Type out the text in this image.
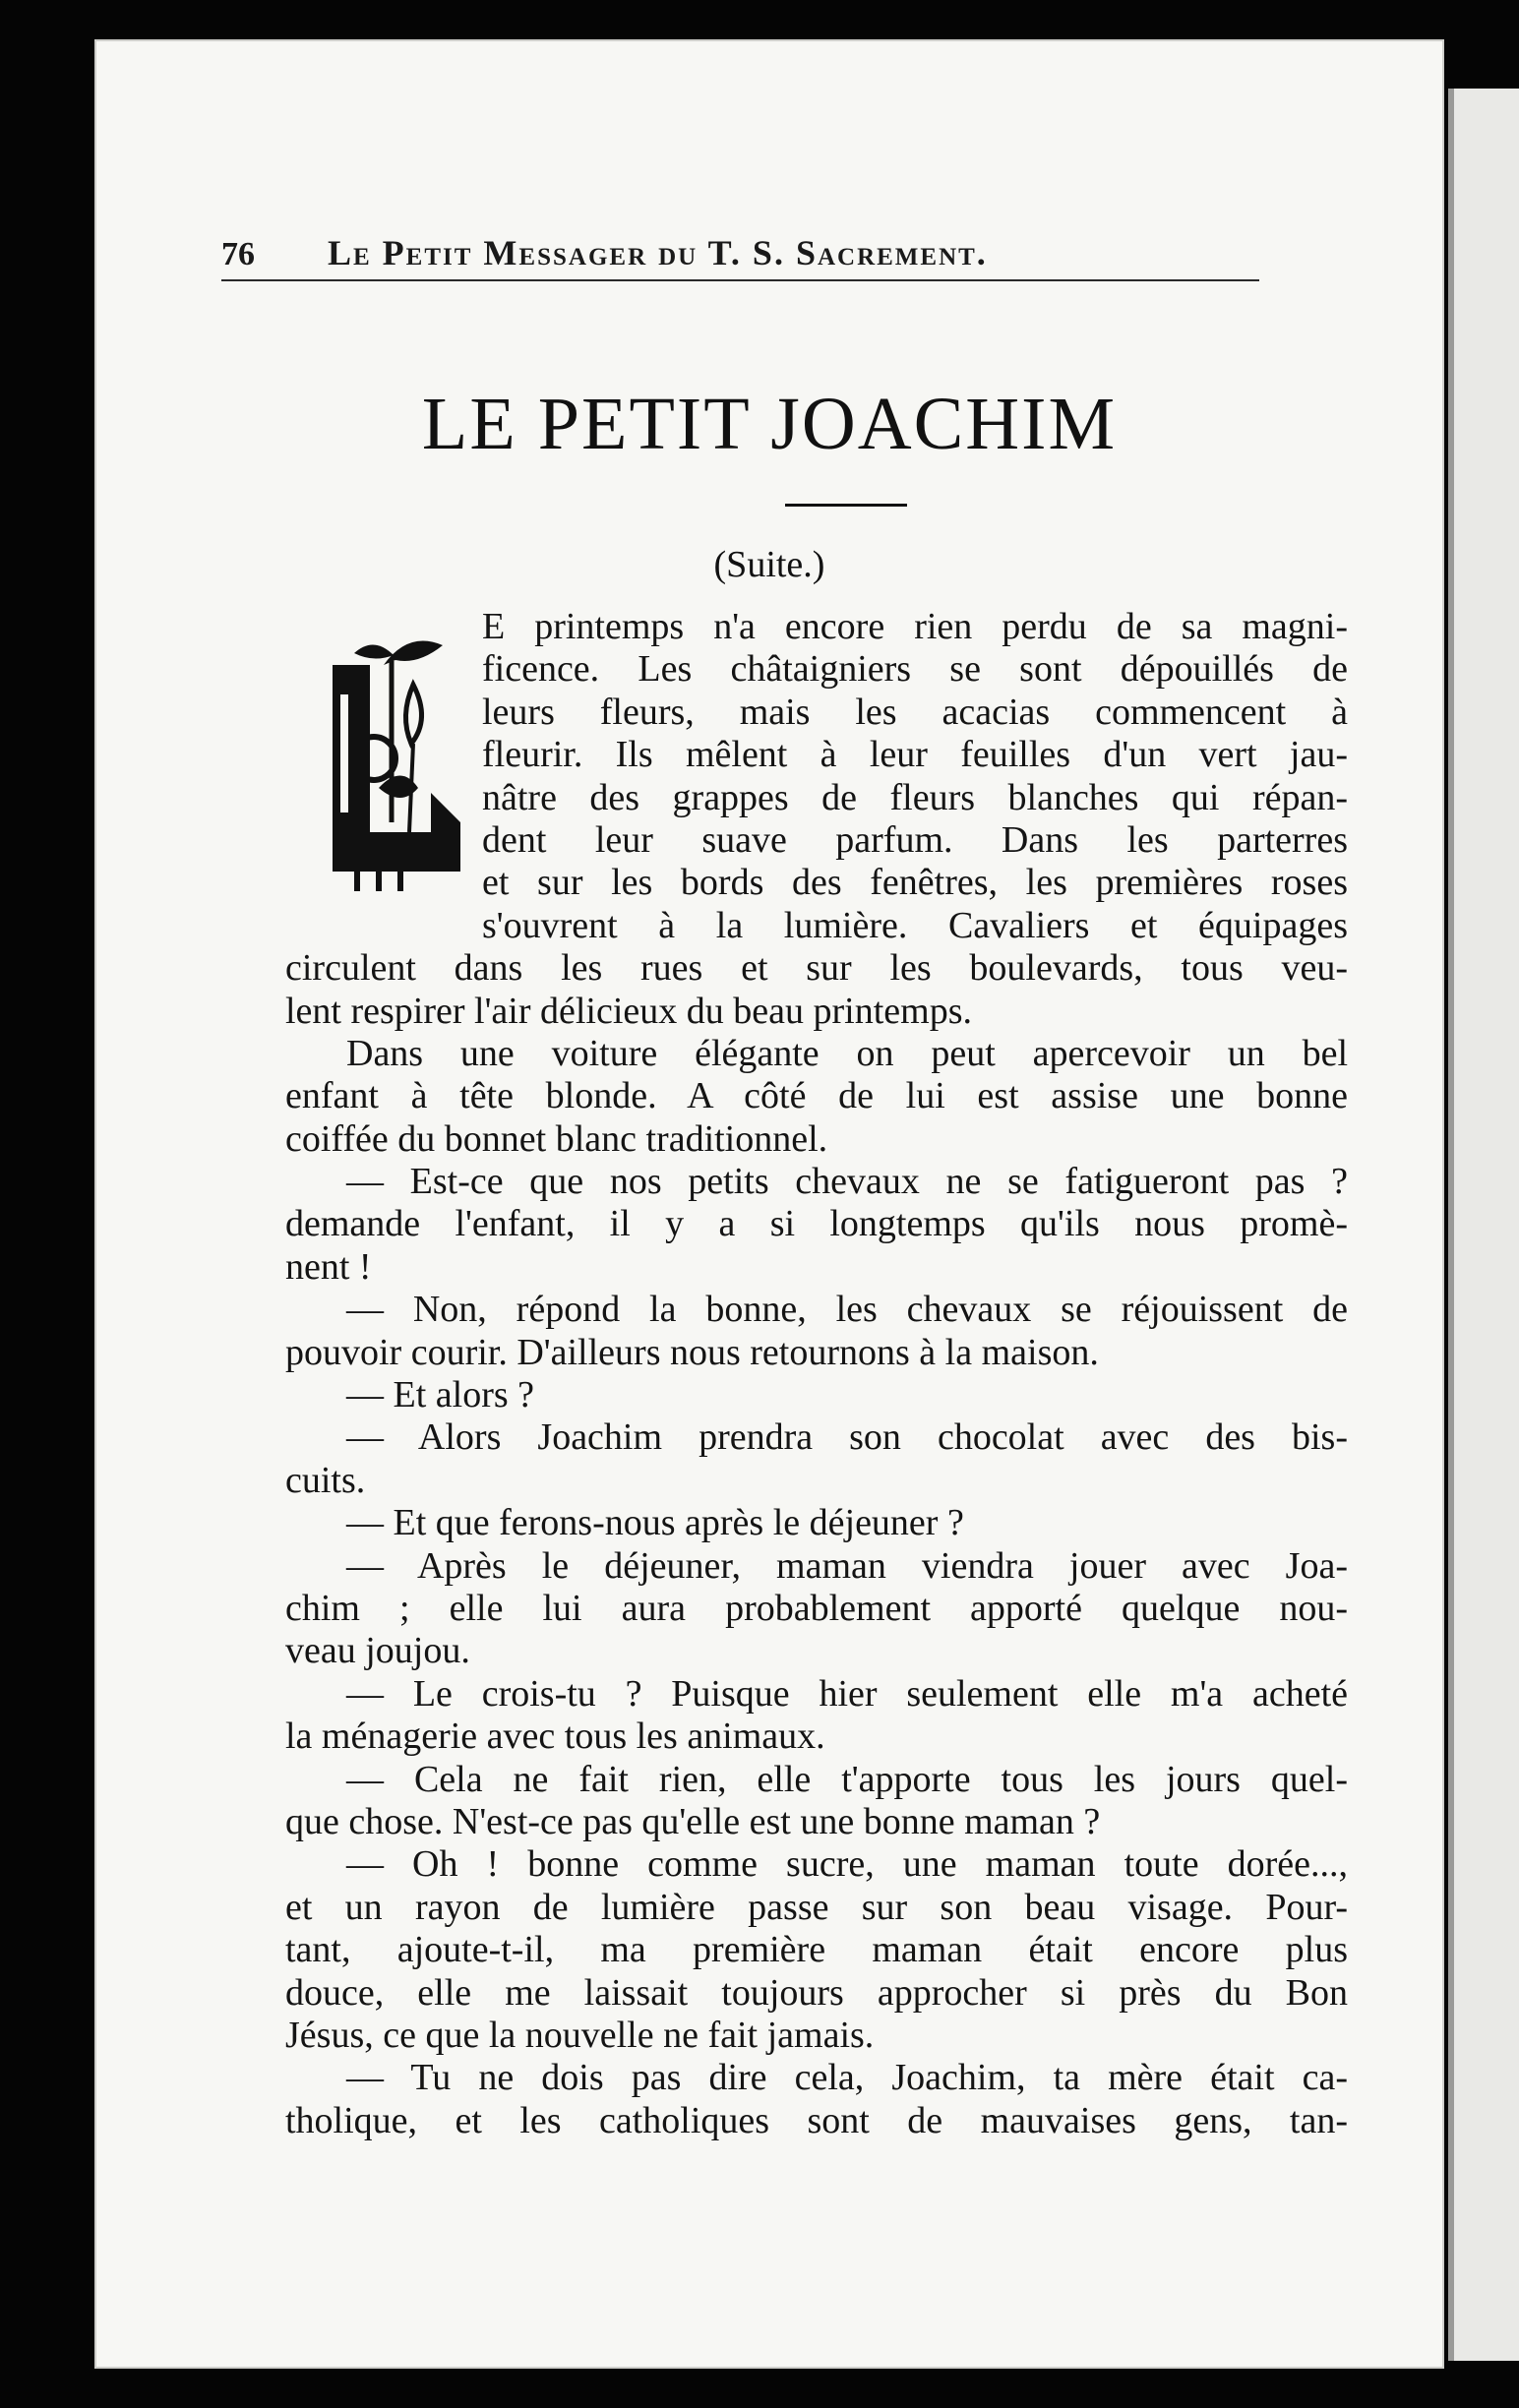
76	Le Petit Messager du T. S. Sacrement.
LE PETIT JOACHIM
(Suite.)
E printemps n'a encore rien perdu de sa magni-
ficence. Les châtaigniers se sont dépouillés de
leurs fleurs, mais les acacias commencent à
fleurir. Ils mêlent à leur feuilles d'un vert jau-
nâtre des grappes de fleurs blanches qui répan-
dent leur suave parfum. Dans les parterres
et sur les bords des fenêtres, les premières roses
s'ouvrent à la lumière. Cavaliers et équipages
circulent dans les rues et sur les boulevards, tous veu-
lent respirer l'air délicieux du beau printemps.
Dans une voiture élégante on peut apercevoir un bel
enfant à tête blonde. A côté de lui est assise une bonne
coiffée du bonnet blanc traditionnel.
— Est-ce que nos petits chevaux ne se fatigueront pas ?
demande l'enfant, il y a si longtemps qu'ils nous promè-
nent !
— Non, répond la bonne, les chevaux se réjouissent de
pouvoir courir. D'ailleurs nous retournons à la maison.
— Et alors ?
— Alors Joachim prendra son chocolat avec des bis-
cuits.
— Et que ferons-nous après le déjeuner ?
— Après le déjeuner, maman viendra jouer avec Joa-
chim ; elle lui aura probablement apporté quelque nou-
veau joujou.
— Le crois-tu ? Puisque hier seulement elle m'a acheté
la ménagerie avec tous les animaux.
— Cela ne fait rien, elle t'apporte tous les jours quel-
que chose. N'est-ce pas qu'elle est une bonne maman ?
— Oh ! bonne comme sucre, une maman toute dorée...,
et un rayon de lumière passe sur son beau visage. Pour-
tant, ajoute-t-il, ma première maman était encore plus
douce, elle me laissait toujours approcher si près du Bon
Jésus, ce que la nouvelle ne fait jamais.
— Tu ne dois pas dire cela, Joachim, ta mère était ca-
tholique, et les catholiques sont de mauvaises gens, tan-
